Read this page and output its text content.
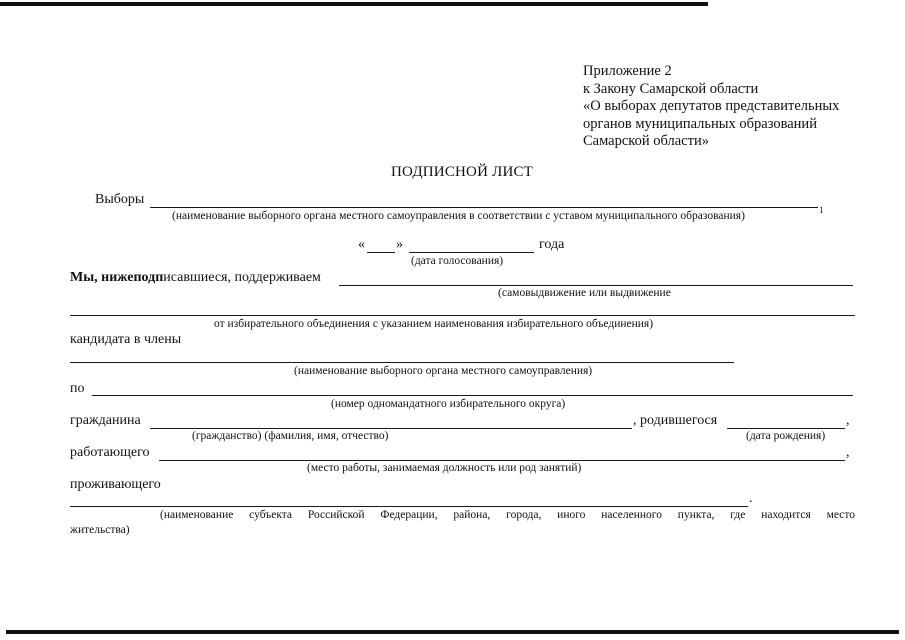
Приложение 2
к Закону Самарской области
«О выборах депутатов представительных
органов муниципальных образований
Самарской области»
ПОДПИСНОЙ ЛИСТ
Выборы
(наименование выборного органа местного самоуправления в соответствии с уставом муниципального образования)	1
« »	года
(дата голосования)
Мы, нижеподписавшиеся, поддерживаем
(самовыдвижение или выдвижение
от избирательного объединения с указанием наименования избирательного объединения)
кандидата в члены
(наименование выборного органа местного самоуправления)
по
(номер одномандатного избирательного округа)
гражданина	, родившегося	,
(гражданство) (фамилия, имя, отчество)	(дата рождения)
работающего	,
(место работы, занимаемая должность или род занятий)
проживающего
.
(наименование субъекта Российской Федерации, района, города, иного населенного пункта, где находится место
жительства)
